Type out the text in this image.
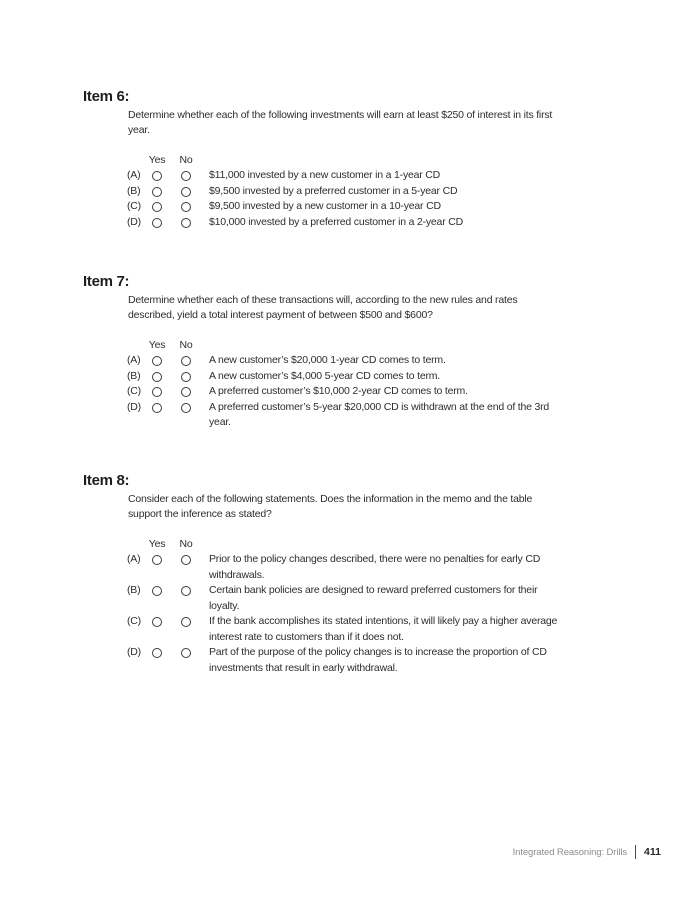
Item 6:

Determine whether each of the following investments will earn at least $250 of interest in its first year.

Yes	No
(A)	$11,000 invested by a new customer in a 1-year CD
(B)	$9,500 invested by a preferred customer in a 5-year CD
(C)	$9,500 invested by a new customer in a 10-year CD
(D)	$10,000 invested by a preferred customer in a 2-year CD
Item 7:

Determine whether each of these transactions will, according to the new rules and rates described, yield a total interest payment of between $500 and $600?

Yes	No
(A)	A new customer’s $20,000 1-year CD comes to term.
(B)	A new customer’s $4,000 5-year CD comes to term.
(C)	A preferred customer’s $10,000 2-year CD comes to term.
(D)	A preferred customer’s 5-year $20,000 CD is withdrawn at the end of the 3rd year.
Item 8:

Consider each of the following statements. Does the information in the memo and the table support the inference as stated?

Yes	No
(A)	Prior to the policy changes described, there were no penalties for early CD withdrawals.
(B)	Certain bank policies are designed to reward preferred customers for their loyalty.
(C)	If the bank accomplishes its stated intentions, it will likely pay a higher average interest rate to customers than if it does not.
(D)	Part of the purpose of the policy changes is to increase the proportion of CD investments that result in early withdrawal.
Integrated Reasoning: Drills 411
